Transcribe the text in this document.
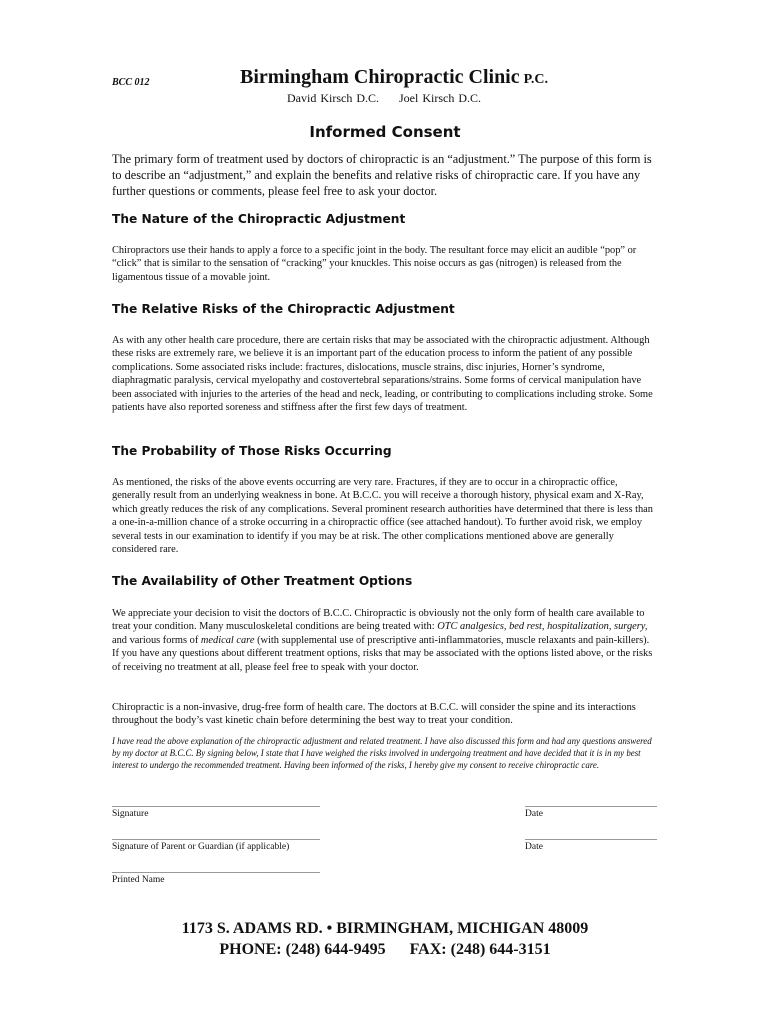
BCC 012	Birmingham Chiropractic Clinic P.C.
David Kirsch D.C. Joel Kirsch D.C.
Informed Consent
The primary form of treatment used by doctors of chiropractic is an “adjustment.” The purpose of this form is to describe an “adjustment,” and explain the benefits and relative risks of chiropractic care. If you have any further questions or comments, please feel free to ask your doctor.
The Nature of the Chiropractic Adjustment
Chiropractors use their hands to apply a force to a specific joint in the body. The resultant force may elicit an audible “pop” or “click” that is similar to the sensation of “cracking” your knuckles. This noise occurs as gas (nitrogen) is released from the ligamentous tissue of a movable joint.
The Relative Risks of the Chiropractic Adjustment
As with any other health care procedure, there are certain risks that may be associated with the chiropractic adjustment. Although these risks are extremely rare, we believe it is an important part of the education process to inform the patient of any possible complications. Some associated risks include: fractures, dislocations, muscle strains, disc injuries, Horner’s syndrome, diaphragmatic paralysis, cervical myelopathy and costovertebral separations/strains. Some forms of cervical manipulation have been associated with injuries to the arteries of the head and neck, leading, or contributing to complications including stroke. Some patients have also reported soreness and stiffness after the first few days of treatment.
The Probability of Those Risks Occurring
As mentioned, the risks of the above events occurring are very rare. Fractures, if they are to occur in a chiropractic office, generally result from an underlying weakness in bone. At B.C.C. you will receive a thorough history, physical exam and X-Ray, which greatly reduces the risk of any complications. Several prominent research authorities have determined that there is less than a one-in-a-million chance of a stroke occurring in a chiropractic office (see attached handout). To further avoid risk, we employ several tests in our examination to identify if you may be at risk. The other complications mentioned above are generally considered rare.
The Availability of Other Treatment Options
We appreciate your decision to visit the doctors of B.C.C. Chiropractic is obviously not the only form of health care available to treat your condition. Many musculoskeletal conditions are being treated with: OTC analgesics, bed rest, hospitalization, surgery, and various forms of medical care (with supplemental use of prescriptive anti-inflammatories, muscle relaxants and pain-killers). If you have any questions about different treatment options, risks that may be associated with the options listed above, or the risks of receiving no treatment at all, please feel free to speak with your doctor.
Chiropractic is a non-invasive, drug-free form of health care. The doctors at B.C.C. will consider the spine and its interactions throughout the body’s vast kinetic chain before determining the best way to treat your condition.
I have read the above explanation of the chiropractic adjustment and related treatment. I have also discussed this form and had any questions answered by my doctor at B.C.C. By signing below, I state that I have weighed the risks involved in undergoing treatment and have decided that it is in my best interest to undergo the recommended treatment. Having been informed of the risks, I hereby give my consent to receive chiropractic care.
Signature	Date
Signature of Parent or Guardian (if applicable)	Date
Printed Name
1173 S. ADAMS RD. • BIRMINGHAM, MICHIGAN 48009
PHONE: (248) 644-9495  FAX: (248) 644-3151
